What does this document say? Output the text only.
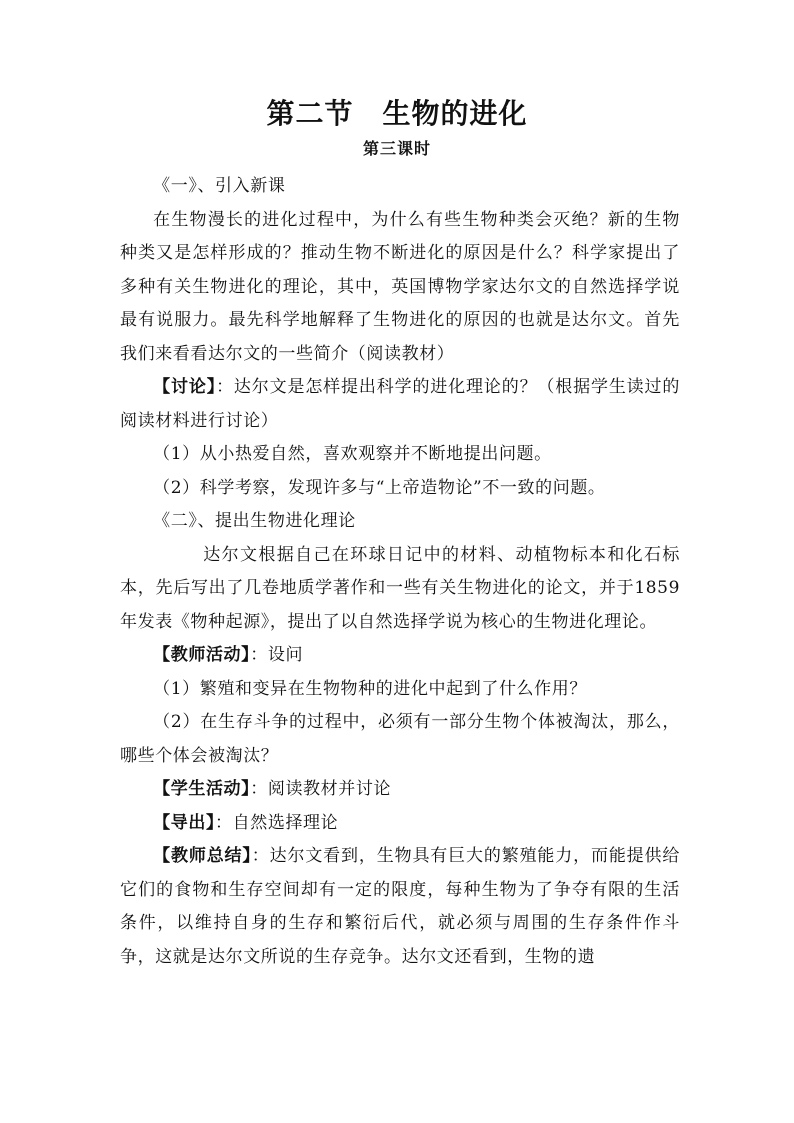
第二节　生物的进化
第三课时

《一》、引入新课

在生物漫长的进化过程中，为什么有些生物种类会灭绝？新的生物种类又是怎样形成的？推动生物不断进化的原因是什么？科学家提出了多种有关生物进化的理论，其中，英国博物学家达尔文的自然选择学说最有说服力。最先科学地解释了生物进化的原因的也就是达尔文。首先我们来看看达尔文的一些简介（阅读教材）

【讨论】：达尔文是怎样提出科学的进化理论的？（根据学生读过的阅读材料进行讨论）

（1）从小热爱自然，喜欢观察并不断地提出问题。

（2）科学考察，发现许多与“上帝造物论”不一致的问题。

《二》、提出生物进化理论

达尔文根据自己在环球日记中的材料、动植物标本和化石标本，先后写出了几卷地质学著作和一些有关生物进化的论文，并于1859年发表《物种起源》，提出了以自然选择学说为核心的生物进化理论。

【教师活动】：设问

（1）繁殖和变异在生物物种的进化中起到了什么作用？

（2）在生存斗争的过程中，必须有一部分生物个体被淘汰，那么，哪些个体会被淘汰？

【学生活动】：阅读教材并讨论

【导出】：自然选择理论

【教师总结】：达尔文看到，生物具有巨大的繁殖能力，而能提供给它们的食物和生存空间却有一定的限度，每种生物为了争夺有限的生活条件，以维持自身的生存和繁衍后代，就必须与周围的生存条件作斗争，这就是达尔文所说的生存竞争。达尔文还看到，生物的遗
